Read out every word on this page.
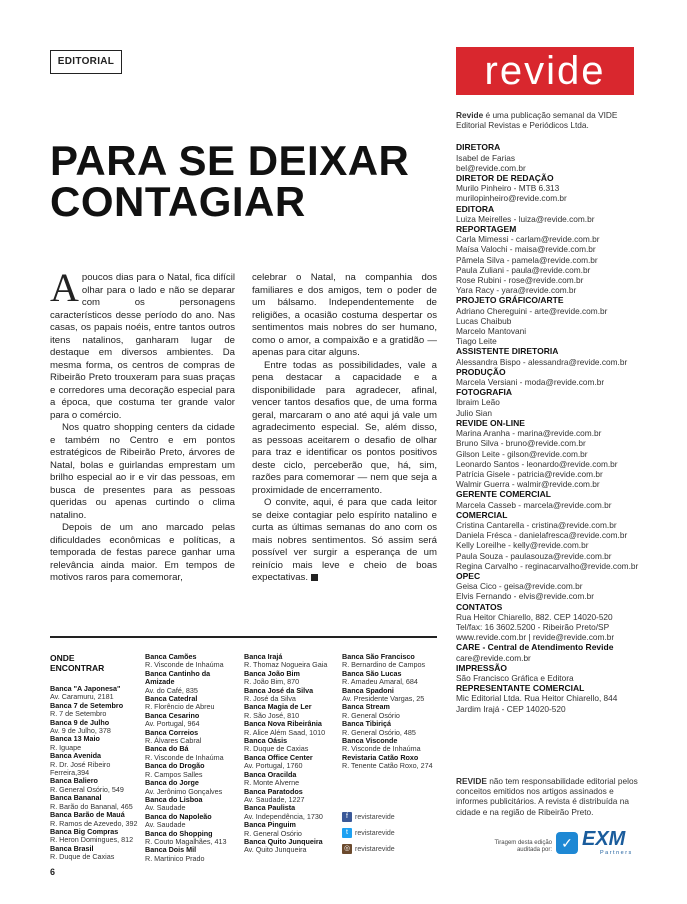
EDITORIAL	revide
PARA SE DEIXAR CONTAGIAR

Apoucos dias para o Natal, fica difícil olhar para o lado e não se deparar com os personagens característicos desse período do ano. Nas casas, os papais noéis, entre tantos outros itens natalinos, ganharam lugar de destaque em diversos ambientes. Da mesma forma, os centros de compras de Ribeirão Preto trouxeram para suas praças e corredores uma decoração especial para a época, que costuma ter grande valor para o comércio.

Nos quatro shopping centers da cidade e também no Centro e em pontos estratégicos de Ribeirão Preto, árvores de Natal, bolas e guirlandas emprestam um brilho especial ao ir e vir das pessoas, em busca de presentes para as pessoas queridas ou apenas curtindo o clima natalino.

Depois de um ano marcado pelas dificuldades econômicas e políticas, a temporada de festas parece ganhar uma relevância ainda maior. Em tempos de motivos raros para comemorar,

celebrar o Natal, na companhia dos familiares e dos amigos, tem o poder de um bálsamo. Independentemente de religiões, a ocasião costuma despertar os sentimentos mais nobres do ser humano, como o amor, a compaixão e a gratidão — apenas para citar alguns.

Entre todas as possibilidades, vale a pena destacar a capacidade e a disponibilidade para agradecer, afinal, vencer tantos desafios que, de uma forma geral, marcaram o ano até aqui já vale um agradecimento especial. Se, além disso, as pessoas aceitarem o desafio de olhar para traz e identificar os pontos positivos deste ciclo, perceberão que, há, sim, razões para comemorar — nem que seja a proximidade de encerramento.

O convite, aqui, é para que cada leitor se deixe contagiar pelo espírito natalino e curta as últimas semanas do ano com os mais nobres sentimentos. Só assim será possível ver surgir a esperança de um reinício mais leve e cheio de boas expectativas.

Revide é uma publicação semanal da VIDE Editorial Revistas e Periódicos Ltda.
DIRETORA
Isabel de Farias
bel@revide.com.br
DIRETOR DE REDAÇÃO
Murilo Pinheiro - MTB 6.313
murilopinheiro@revide.com.br
EDITORA
Luiza Meirelles - luiza@revide.com.br
REPORTAGEM
Carla Mimessi - carlam@revide.com.br
Maísa Valochi - maisa@revide.com.br
Pâmela Silva - pamela@revide.com.br
Paula Zuliani - paula@revide.com.br
Rose Rubini - rose@revide.com.br
Yara Racy - yara@revide.com.br
PROJETO GRÁFICO/ARTE
Adriano Chereguini - arte@revide.com.br
Lucas Chaibub
Marcelo Mantovani
Tiago Leite
ASSISTENTE DIRETORIA
Alessandra Bispo - alessandra@revide.com.br
PRODUÇÃO
Marcela Versiani - moda@revide.com.br
FOTOGRAFIA
Ibraim Leão
Julio Sian
REVIDE ON-LINE
Marina Aranha - marina@revide.com.br
Bruno Silva - bruno@revide.com.br
Gilson Leite - gilson@revide.com.br
Leonardo Santos - leonardo@revide.com.br
Patrícia Gisele - patricia@revide.com.br
Walmir Guerra - walmir@revide.com.br
GERENTE COMERCIAL
Marcela Casseb - marcela@revide.com.br
COMERCIAL
Cristina Cantarella - cristina@revide.com.br
Daniela Frésca - danielafresca@revide.com.br
Kelly Loreilhe - kelly@revide.com.br
Paula Souza - paulasouza@revide.com.br
Regina Carvalho - reginacarvalho@revide.com.br
OPEC
Geisa Cico - geisa@revide.com.br
Elvis Fernando - elvis@revide.com.br
CONTATOS
Rua Heitor Chiarello, 882. CEP 14020-520
Tel/fax: 16 3602.5200 - Ribeirão Preto/SP
www.revide.com.br | revide@revide.com.br
CARE - Central de Atendimento Revide
care@revide.com.br
IMPRESSÃO
São Francisco Gráfica e Editora
REPRESENTANTE COMERCIAL
Mic Editorial Ltda. Rua Heitor Chiarello, 844
Jardim Irajá - CEP 14020-520
REVIDE não tem responsabilidade editorial pelos conceitos emitidos nos artigos assinados e informes publicitários. A revista é distribuída na cidade e na região de Ribeirão Preto.
ONDE
ENCONTRAR
Banca "A Japonesa"
Av. Caramuru, 2181
Banca 7 de Setembro
R. 7 de Setembro
Banca 9 de Julho
Av. 9 de Julho, 378
Banca 13 Maio
R. Iguape
Banca Avenida
R. Dr. José Ribeiro Ferreira,394
Banca Baliero
R. General Osório, 549
Banca Bananal
R. Barão do Bananal, 465
Banca Barão de Mauá
R. Ramos de Azevedo, 392
Banca Big Compras
R. Heron Domingues, 812
Banca Brasil
R. Duque de Caxias
Banca Camões
R. Visconde de Inhaúma
Banca Cantinho da Amizade
Av. do Café, 835
Banca Catedral
R. Florêncio de Abreu
Banca Cesarino
Av. Portugal, 964
Banca Correios
R. Álvares Cabral
Banca do Bá
R. Visconde de Inhaúma
Banca do Drogão
R. Campos Salles
Banca do Jorge
Av. Jerônimo Gonçalves
Banca do Lisboa
Av. Saudade
Banca do Napoleão
Av. Saudade
Banca do Shopping
R. Couto Magalhães, 413
Banca Dois Mil
R. Martinico Prado
Banca Irajá
R. Thomaz Nogueira Gaia
Banca João Bim
R. João Bim, 870
Banca José da Silva
R. José da Silva
Banca Magia de Ler
R. São José, 810
Banca Nova Ribeirânia
R. Alice Além Saad, 1010
Banca Oásis
R. Duque de Caxias
Banca Office Center
Av. Portugal, 1760
Banca Oracilda
R. Monte Alverne
Banca Paratodos
Av. Saudade, 1227
Banca Paulista
Av. Independência, 1730
Banca Pinguim
R. General Osório
Banca Quito Junqueira
Av. Quito Junqueira
Banca São Francisco
R. Bernardino de Campos
Banca São Lucas
R. Amadeu Amaral, 684
Banca Spadoni
Av. Presidente Vargas, 25
Banca Stream
R. General Osório
Banca Tibiriçá
R. General Osório, 485
Banca Visconde
R. Visconde de Inhaúma
Revistaria Catão Roxo
R. Tenente Catão Roxo, 274
f revistarevide
t revistarevide
◎ revistarevide
Tiragem desta edição auditada por: ✓ EXM
Partners
6
